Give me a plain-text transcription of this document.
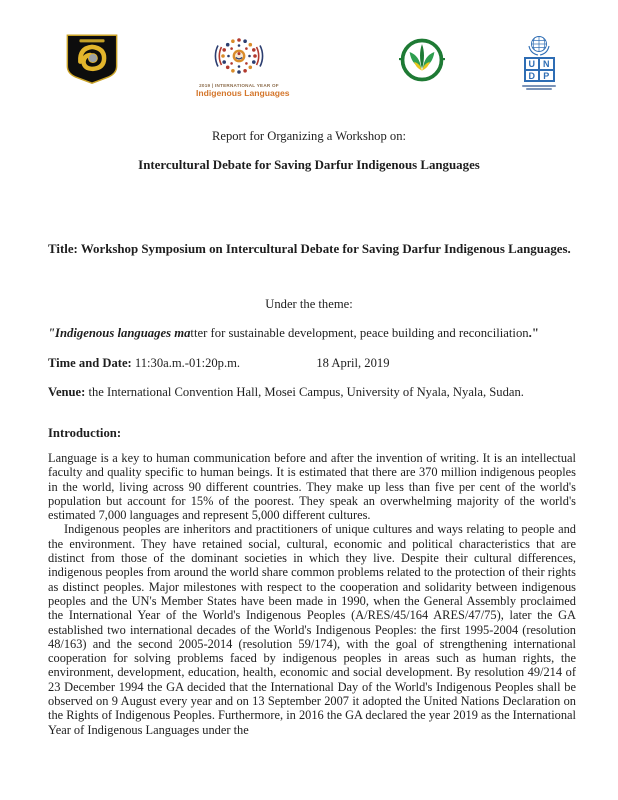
2019 | INTERNATIONAL YEAR OF
Indigenous Languages
U N
D P
Report for Organizing a Workshop on:
Intercultural Debate for Saving Darfur Indigenous Languages
Title: Workshop Symposium on Intercultural Debate for Saving Darfur Indigenous Languages.
Under the theme:
"Indigenous languages matter for sustainable development, peace building and reconciliation."
Time and Date: 11:30a.m.-01:20p.m.	18 April, 2019
Venue: the International Convention Hall, Mosei Campus, University of Nyala, Nyala, Sudan.
Introduction:

Language is a key to human communication before and after the invention of writing. It is an intellectual faculty and quality specific to human beings. It is estimated that there are 370 million indigenous peoples in the world, living across 90 different countries. They make up less than five per cent of the world's population but account for 15% of the poorest. They speak an overwhelming majority of the world's estimated 7,000 languages and represent 5,000 different cultures.

Indigenous peoples are inheritors and practitioners of unique cultures and ways relating to people and the environment. They have retained social, cultural, economic and political characteristics that are distinct from those of the dominant societies in which they live. Despite their cultural differences, indigenous peoples from around the world share common problems related to the protection of their rights as distinct peoples. Major milestones with respect to the cooperation and solidarity between indigenous peoples and the UN's Member States have been made in 1990, when the General Assembly proclaimed the International Year of the World's Indigenous Peoples (A/RES/45/164 ARES/47/75), later the GA established two international decades of the World's Indigenous Peoples: the first 1995-2004 (resolution 48/163) and the second 2005-2014 (resolution 59/174), with the goal of strengthening international cooperation for solving problems faced by indigenous peoples in areas such as human rights, the environment, development, education, health, economic and social development. By resolution 49/214 of 23 December 1994 the GA decided that the International Day of the World's Indigenous Peoples shall be observed on 9 August every year and on 13 September 2007 it adopted the United Nations Declaration on the Rights of Indigenous Peoples. Furthermore, in 2016 the GA declared the year 2019 as the International Year of Indigenous Languages under the
